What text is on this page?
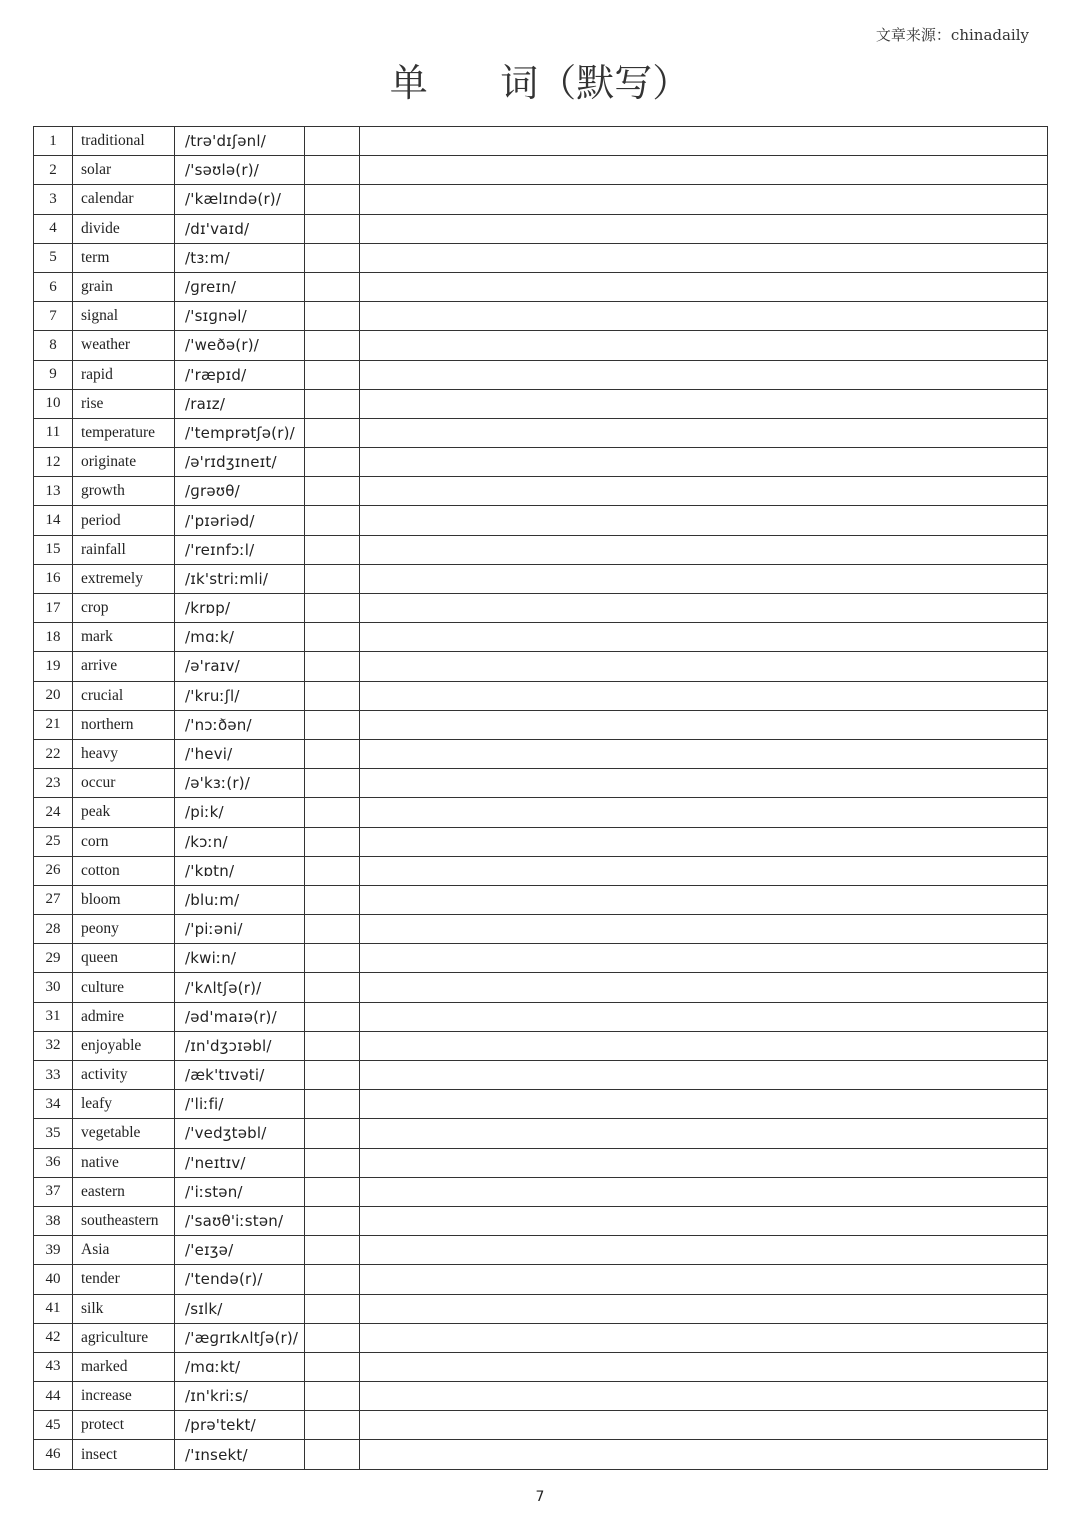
文章来源：chinadaily
单      词（默写）
1	traditional	/trə'dɪʃənl/		
2	solar	/'səʊlə(r)/		
3	calendar	/'kælɪndə(r)/		
4	divide	/dɪ'vaɪd/		
5	term	/tɜːm/		
6	grain	/ɡreɪn/		
7	signal	/'sɪɡnəl/		
8	weather	/'weðə(r)/		
9	rapid	/'ræpɪd/		
10	rise	/raɪz/		
11	temperature	/'temprətʃə(r)/		
12	originate	/ə'rɪdʒɪneɪt/		
13	growth	/ɡrəʊθ/		
14	period	/'pɪəriəd/		
15	rainfall	/'reɪnfɔːl/		
16	extremely	/ɪk'striːmli/		
17	crop	/krɒp/		
18	mark	/mɑːk/		
19	arrive	/ə'raɪv/		
20	crucial	/'kruːʃl/		
21	northern	/'nɔːðən/		
22	heavy	/'hevi/		
23	occur	/ə'kɜː(r)/		
24	peak	/piːk/		
25	corn	/kɔːn/		
26	cotton	/'kɒtn/		
27	bloom	/bluːm/		
28	peony	/'piːəni/		
29	queen	/kwiːn/		
30	culture	/'kʌltʃə(r)/		
31	admire	/əd'maɪə(r)/		
32	enjoyable	/ɪn'dʒɔɪəbl/		
33	activity	/æk'tɪvəti/		
34	leafy	/'liːfi/		
35	vegetable	/'vedʒtəbl/		
36	native	/'neɪtɪv/		
37	eastern	/'iːstən/		
38	southeastern	/'saʊθ'iːstən/		
39	Asia	/'eɪʒə/		
40	tender	/'tendə(r)/		
41	silk	/sɪlk/		
42	agriculture	/'æɡrɪkʌltʃə(r)/		
43	marked	/mɑːkt/		
44	increase	/ɪn'kriːs/		
45	protect	/prə'tekt/		
46	insect	/'ɪnsekt/		
7
